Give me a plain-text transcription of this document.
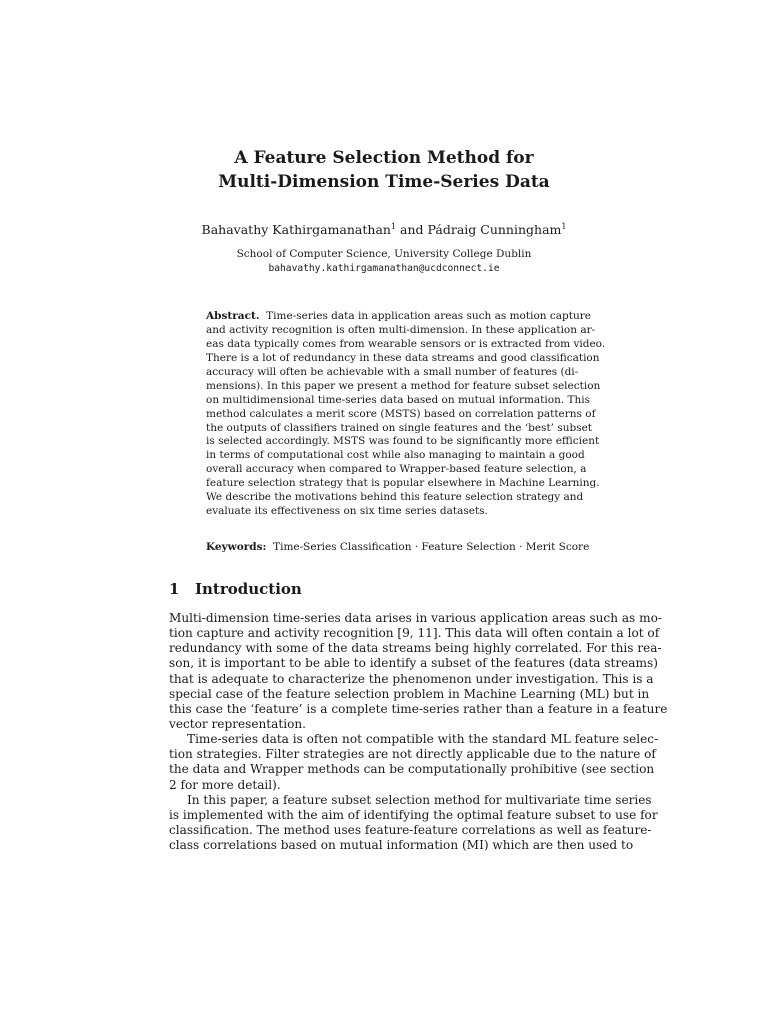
A Feature Selection Method for
Multi-Dimension Time-Series Data
Bahavathy Kathirgamanathan$^1$ and Pádraig Cunningham$^1$
School of Computer Science, University College Dublin
bahavathy.kathirgamanathan@ucdconnect.ie
Abstract. Time-series data in application areas such as motion capture
and activity recognition is often multi-dimension. In these application ar-
eas data typically comes from wearable sensors or is extracted from video.
There is a lot of redundancy in these data streams and good classification
accuracy will often be achievable with a small number of features (di-
mensions). In this paper we present a method for feature subset selection
on multidimensional time-series data based on mutual information. This
method calculates a merit score (MSTS) based on correlation patterns of
the outputs of classifiers trained on single features and the ‘best’ subset
is selected accordingly. MSTS was found to be significantly more efficient
in terms of computational cost while also managing to maintain a good
overall accuracy when compared to Wrapper-based feature selection, a
feature selection strategy that is popular elsewhere in Machine Learning.
We describe the motivations behind this feature selection strategy and
evaluate its effectiveness on six time series datasets.
Keywords: Time-Series Classification · Feature Selection · Merit Score
1 Introduction
Multi-dimension time-series data arises in various application areas such as mo-
tion capture and activity recognition [9, 11]. This data will often contain a lot of
redundancy with some of the data streams being highly correlated. For this rea-
son, it is important to be able to identify a subset of the features (data streams)
that is adequate to characterize the phenomenon under investigation. This is a
special case of the feature selection problem in Machine Learning (ML) but in
this case the ‘feature’ is a complete time-series rather than a feature in a feature
vector representation.
Time-series data is often not compatible with the standard ML feature selec-
tion strategies. Filter strategies are not directly applicable due to the nature of
the data and Wrapper methods can be computationally prohibitive (see section
2 for more detail).
In this paper, a feature subset selection method for multivariate time series
is implemented with the aim of identifying the optimal feature subset to use for
classification. The method uses feature-feature correlations as well as feature-
class correlations based on mutual information (MI) which are then used to
